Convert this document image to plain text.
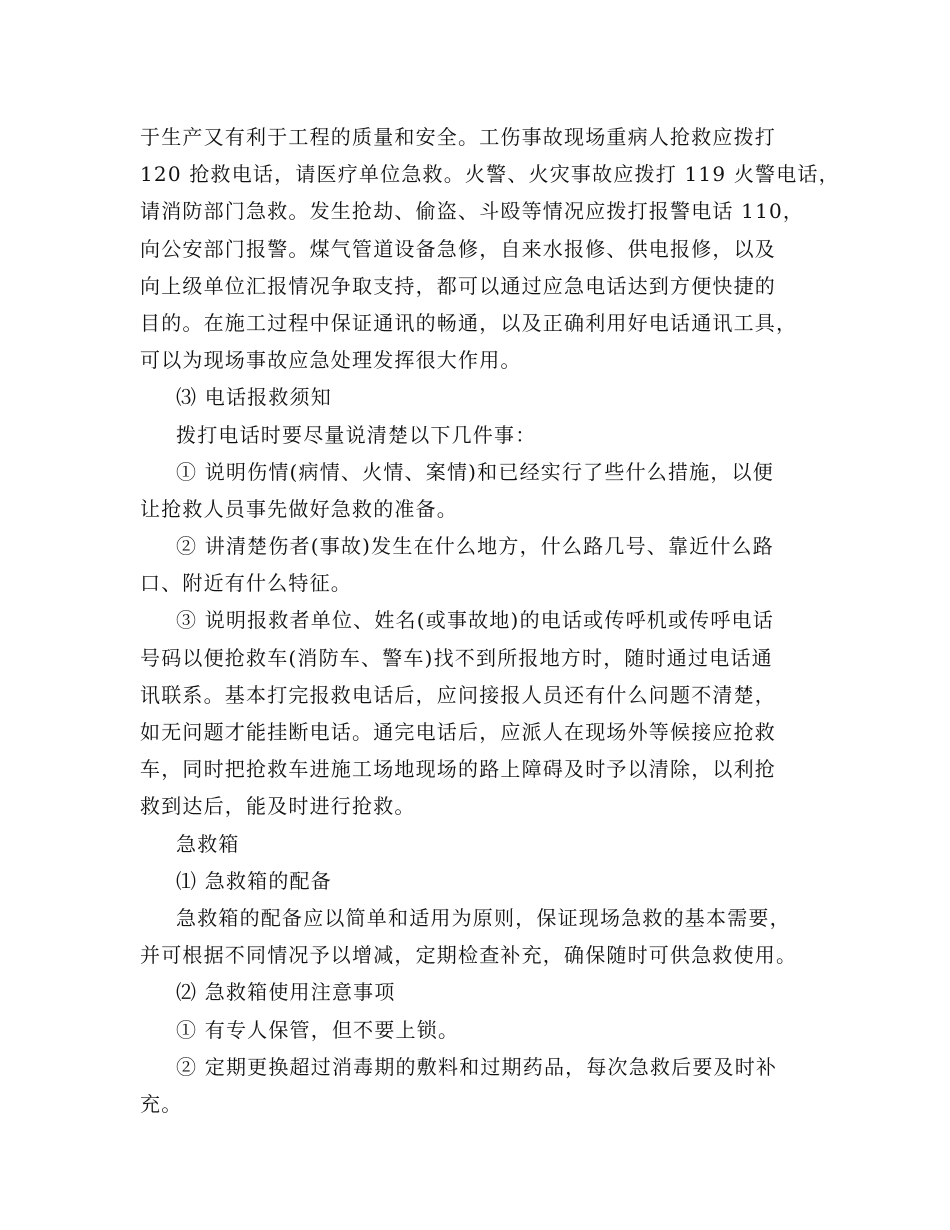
于生产又有利于工程的质量和安全。工伤事故现场重病人抢救应拨打
120 抢救电话，请医疗单位急救。火警、火灾事故应拨打 119 火警电话，
请消防部门急救。发生抢劫、偷盗、斗殴等情况应拨打报警电话 110，
向公安部门报警。煤气管道设备急修，自来水报修、供电报修，以及
向上级单位汇报情况争取支持，都可以通过应急电话达到方便快捷的
目的。在施工过程中保证通讯的畅通，以及正确利用好电话通讯工具，
可以为现场事故应急处理发挥很大作用。
⑶ 电话报救须知
拨打电话时要尽量说清楚以下几件事：
① 说明伤情(病情、火情、案情)和已经实行了些什么措施，以便
让抢救人员事先做好急救的准备。
② 讲清楚伤者(事故)发生在什么地方，什么路几号、靠近什么路
口、附近有什么特征。
③ 说明报救者单位、姓名(或事故地)的电话或传呼机或传呼电话
号码以便抢救车(消防车、警车)找不到所报地方时，随时通过电话通
讯联系。基本打完报救电话后，应问接报人员还有什么问题不清楚，
如无问题才能挂断电话。通完电话后，应派人在现场外等候接应抢救
车，同时把抢救车进施工场地现场的路上障碍及时予以清除，以利抢
救到达后，能及时进行抢救。
急救箱
⑴ 急救箱的配备
急救箱的配备应以简单和适用为原则，保证现场急救的基本需要，
并可根据不同情况予以增减，定期检查补充，确保随时可供急救使用。
⑵ 急救箱使用注意事项
① 有专人保管，但不要上锁。
② 定期更换超过消毒期的敷料和过期药品，每次急救后要及时补
充。
